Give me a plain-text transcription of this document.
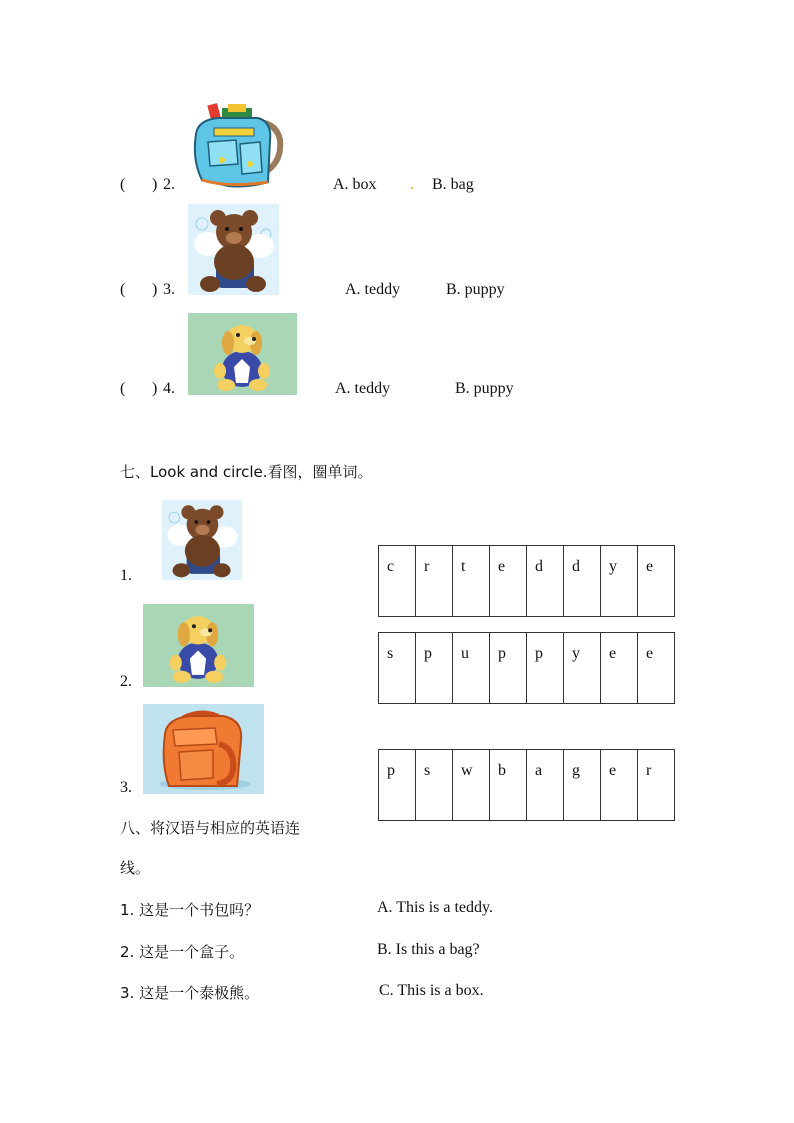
( ) 2.	A. box . B. bag
( ) 3.	A. teddy	B. puppy
( ) 4.	A. teddy	B. puppy
七、Look and circle.看图，圈单词。
1.
c	r	t	e	d	d	y	e
2.
s	p	u	p	p	y	e	e
3.
p	s	w	b	a	g	e	r
八、将汉语与相应的英语连
线。
1. 这是一个书包吗？
2. 这是一个盒子。
3. 这是一个泰极熊。
A. This is a teddy.
B. Is this a bag?
C. This is a box.
